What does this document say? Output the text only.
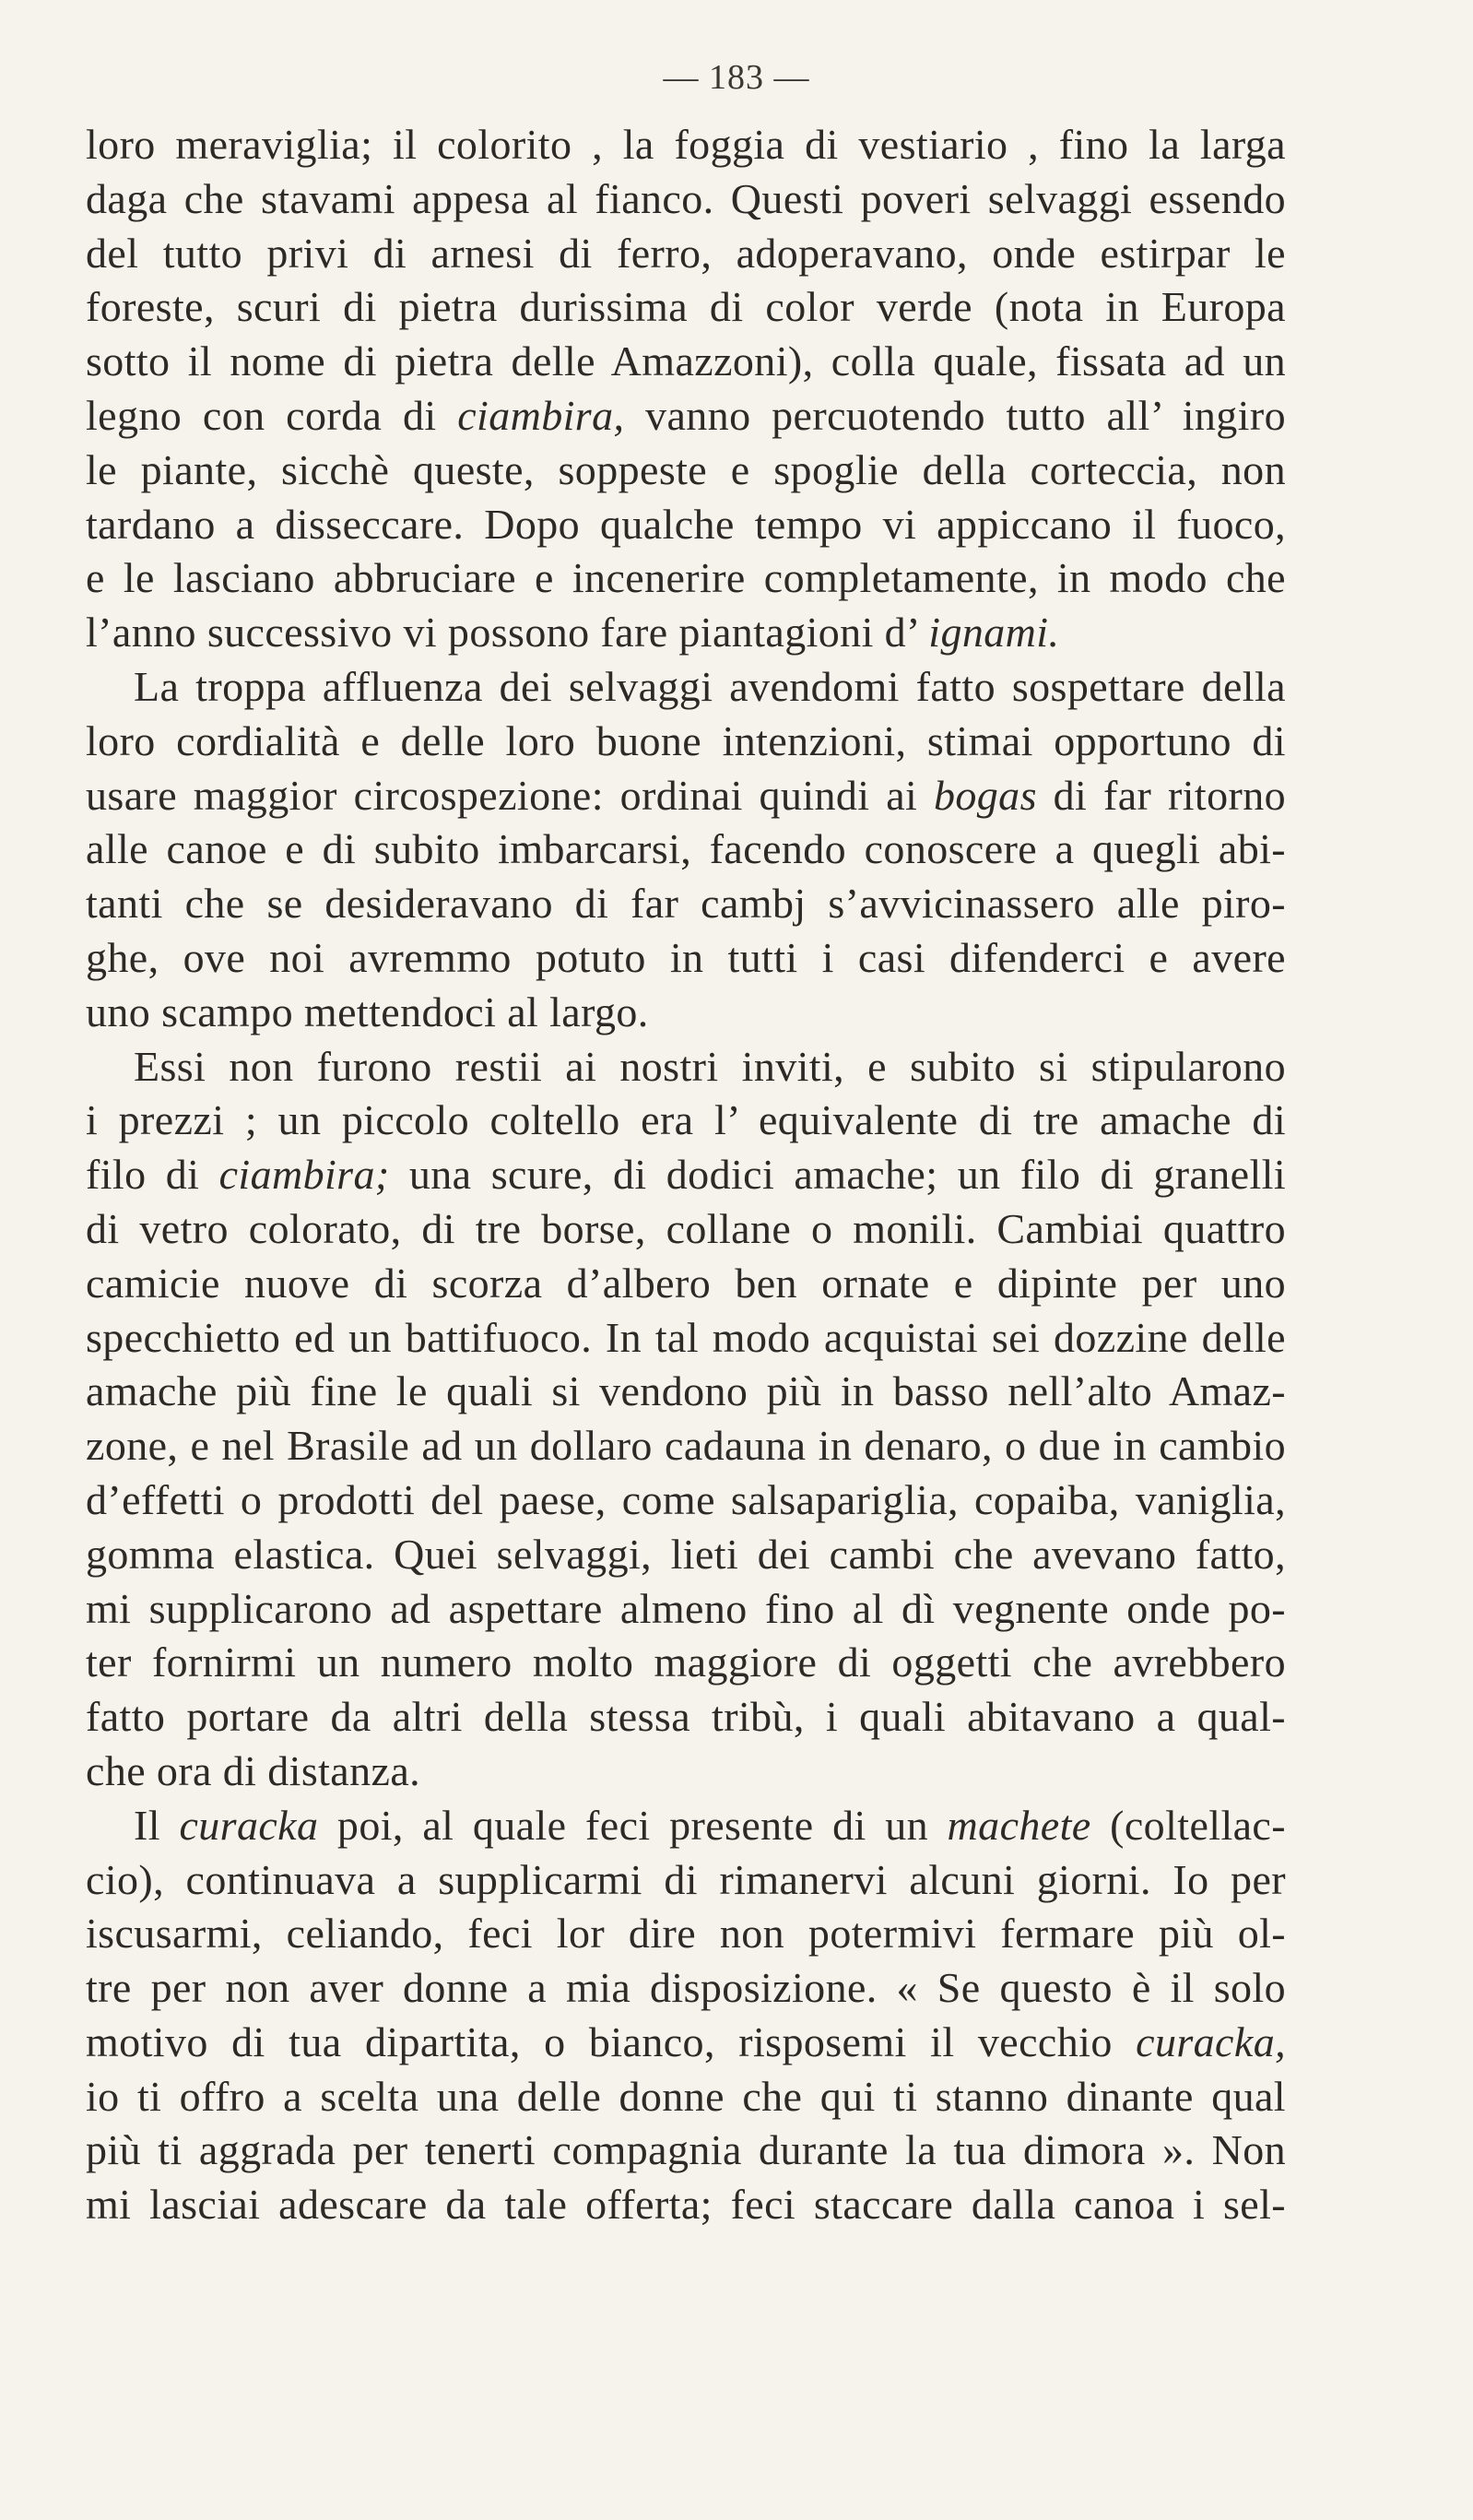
— 183 —
loro meraviglia; il colorito , la foggia di vestiario , fino la larga
daga che stavami appesa al fianco. Questi poveri selvaggi essendo
del tutto privi di arnesi di ferro, adoperavano, onde estirpar le
foreste, scuri di pietra durissima di color verde (nota in Europa
sotto il nome di pietra delle Amazzoni), colla quale, fissata ad un
legno con corda di ciambira, vanno percuotendo tutto all’ ingiro
le piante, sicchè queste, soppeste e spoglie della corteccia, non
tardano a disseccare. Dopo qualche tempo vi appiccano il fuoco,
e le lasciano abbruciare e incenerire completamente, in modo che
l’anno successivo vi possono fare piantagioni d’ ignami.
La troppa affluenza dei selvaggi avendomi fatto sospettare della
loro cordialità e delle loro buone intenzioni, stimai opportuno di
usare maggior circospezione: ordinai quindi ai bogas di far ritorno
alle canoe e di subito imbarcarsi, facendo conoscere a quegli abi-
tanti che se desideravano di far cambj s’avvicinassero alle piro-
ghe, ove noi avremmo potuto in tutti i casi difenderci e avere
uno scampo mettendoci al largo.
Essi non furono restii ai nostri inviti, e subito si stipularono
i prezzi ; un piccolo coltello era l’ equivalente di tre amache di
filo di ciambira; una scure, di dodici amache; un filo di granelli
di vetro colorato, di tre borse, collane o monili. Cambiai quattro
camicie nuove di scorza d’albero ben ornate e dipinte per uno
specchietto ed un battifuoco. In tal modo acquistai sei dozzine delle
amache più fine le quali si vendono più in basso nell’alto Amaz-
zone, e nel Brasile ad un dollaro cadauna in denaro, o due in cambio
d’effetti o prodotti del paese, come salsapariglia, copaiba, vaniglia,
gomma elastica. Quei selvaggi, lieti dei cambi che avevano fatto,
mi supplicarono ad aspettare almeno fino al dì vegnente onde po-
ter fornirmi un numero molto maggiore di oggetti che avrebbero
fatto portare da altri della stessa tribù, i quali abitavano a qual-
che ora di distanza.
Il curacka poi, al quale feci presente di un machete (coltellac-
cio), continuava a supplicarmi di rimanervi alcuni giorni. Io per
iscusarmi, celiando, feci lor dire non potermivi fermare più ol-
tre per non aver donne a mia disposizione. « Se questo è il solo
motivo di tua dipartita, o bianco, risposemi il vecchio curacka,
io ti offro a scelta una delle donne che qui ti stanno dinante qual
più ti aggrada per tenerti compagnia durante la tua dimora ». Non
mi lasciai adescare da tale offerta; feci staccare dalla canoa i sel-
